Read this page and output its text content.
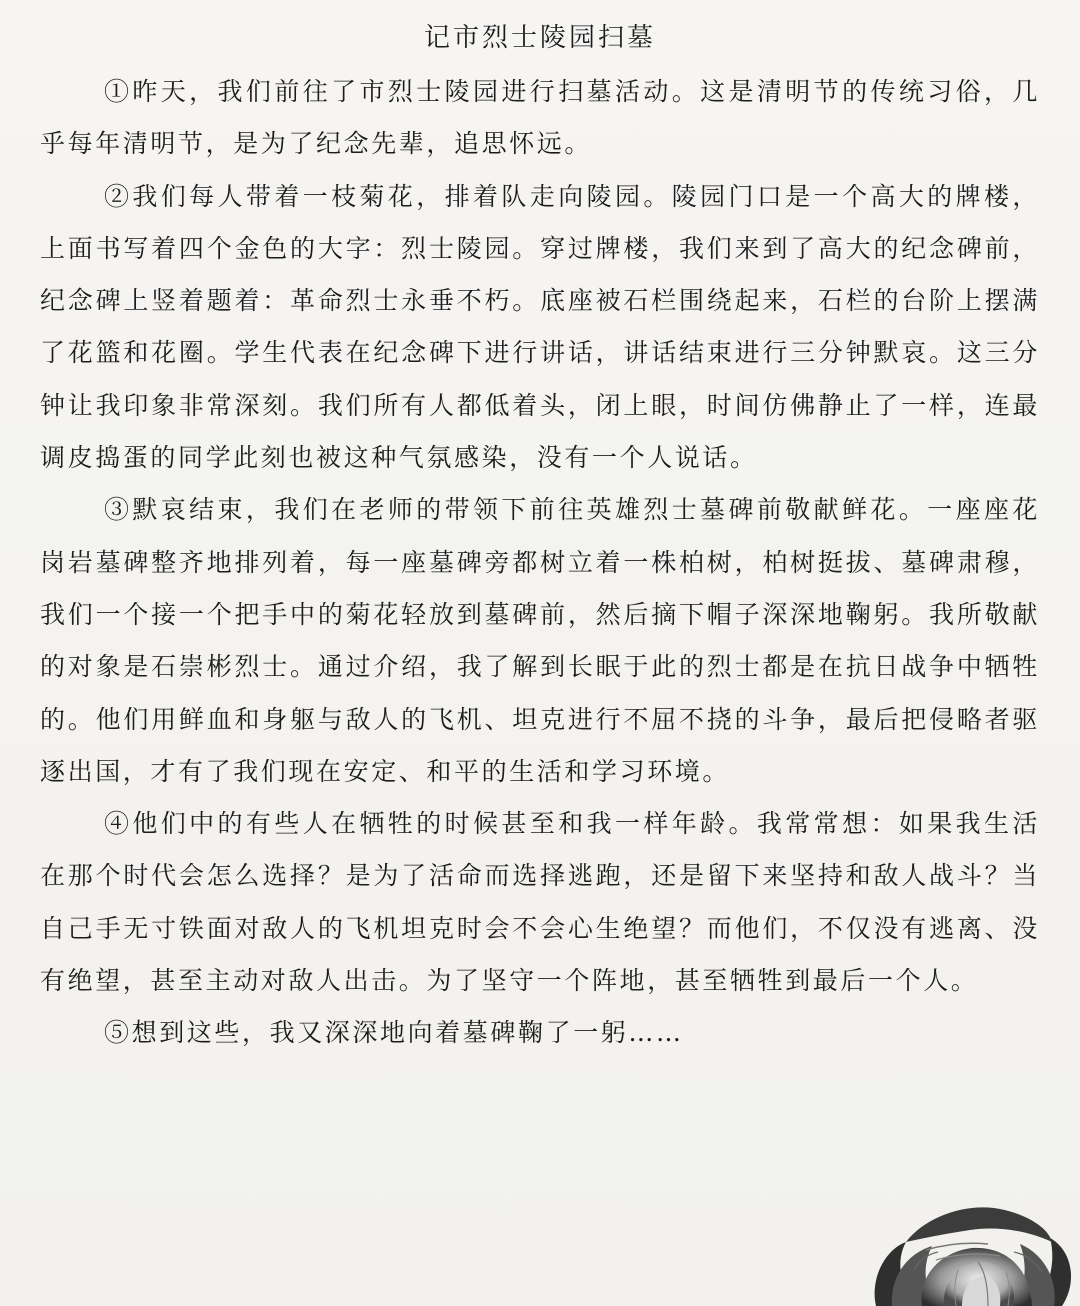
记市烈士陵园扫墓

①昨天，我们前往了市烈士陵园进行扫墓活动。这是清明节的传统习俗，几乎每年清明节，是为了纪念先辈，追思怀远。

②我们每人带着一枝菊花，排着队走向陵园。陵园门口是一个高大的牌楼，上面书写着四个金色的大字：烈士陵园。穿过牌楼，我们来到了高大的纪念碑前，纪念碑上竖着题着：革命烈士永垂不朽。底座被石栏围绕起来，石栏的台阶上摆满了花篮和花圈。学生代表在纪念碑下进行讲话，讲话结束进行三分钟默哀。这三分钟让我印象非常深刻。我们所有人都低着头，闭上眼，时间仿佛静止了一样，连最调皮捣蛋的同学此刻也被这种气氛感染，没有一个人说话。

③默哀结束，我们在老师的带领下前往英雄烈士墓碑前敬献鲜花。一座座花岗岩墓碑整齐地排列着，每一座墓碑旁都树立着一株柏树，柏树挺拔、墓碑肃穆，我们一个接一个把手中的菊花轻放到墓碑前，然后摘下帽子深深地鞠躬。我所敬献的对象是石崇彬烈士。通过介绍，我了解到长眠于此的烈士都是在抗日战争中牺牲的。他们用鲜血和身躯与敌人的飞机、坦克进行不屈不挠的斗争，最后把侵略者驱逐出国，才有了我们现在安定、和平的生活和学习环境。

④他们中的有些人在牺牲的时候甚至和我一样年龄。我常常想：如果我生活在那个时代会怎么选择？是为了活命而选择逃跑，还是留下来坚持和敌人战斗？当自己手无寸铁面对敌人的飞机坦克时会不会心生绝望？而他们，不仅没有逃离、没有绝望，甚至主动对敌人出击。为了坚守一个阵地，甚至牺牲到最后一个人。

⑤想到这些，我又深深地向着墓碑鞠了一躬……
